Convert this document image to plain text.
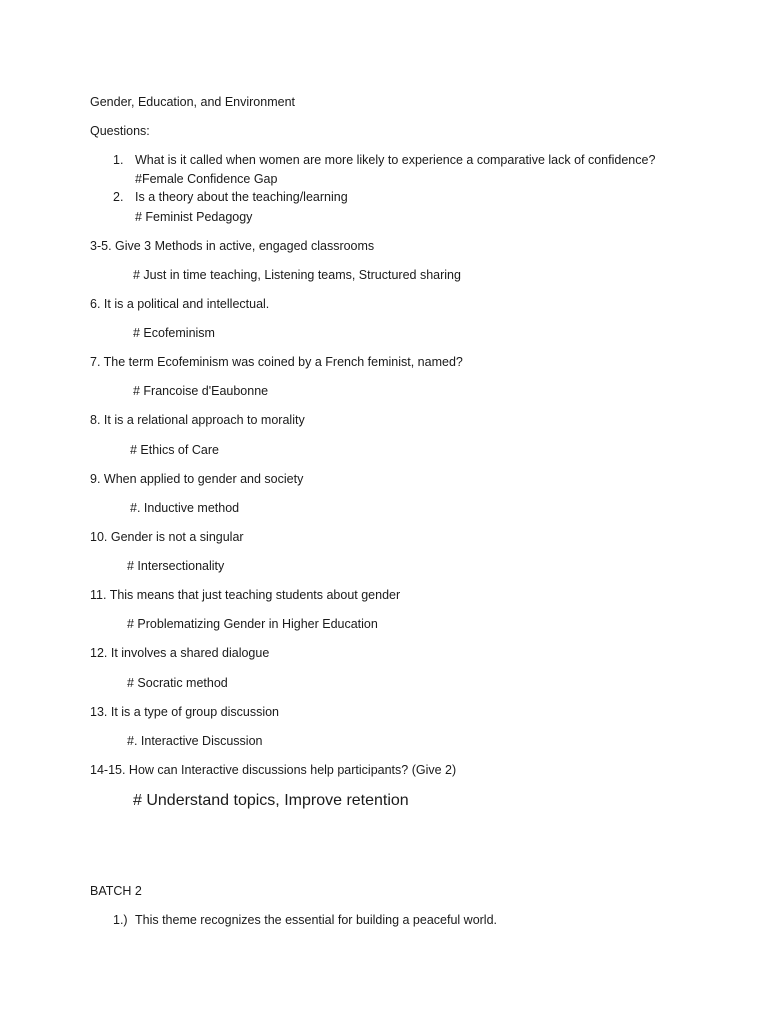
Gender, Education, and Environment
Questions:
1. What is it called when women are more likely to experience a comparative lack of confidence?
#Female Confidence Gap
2. Is a theory about the teaching/learning
# Feminist Pedagogy
3-5. Give 3 Methods in active, engaged classrooms
# Just in time teaching, Listening teams, Structured sharing
6. It is a political and intellectual.
# Ecofeminism
7. The term Ecofeminism was coined by a French feminist, named?
# Francoise d'Eaubonne
8. It is a relational approach to morality
# Ethics of Care
9. When applied to gender and society
#. Inductive method
10. Gender is not a singular
# Intersectionality
11. This means that just teaching students about gender
# Problematizing Gender in Higher Education
12. It involves a shared dialogue
# Socratic method
13. It is a type of group discussion
#. Interactive Discussion
14-15. How can Interactive discussions help participants? (Give 2)
# Understand topics, Improve retention
BATCH 2
1.) This theme recognizes the essential for building a peaceful world.
